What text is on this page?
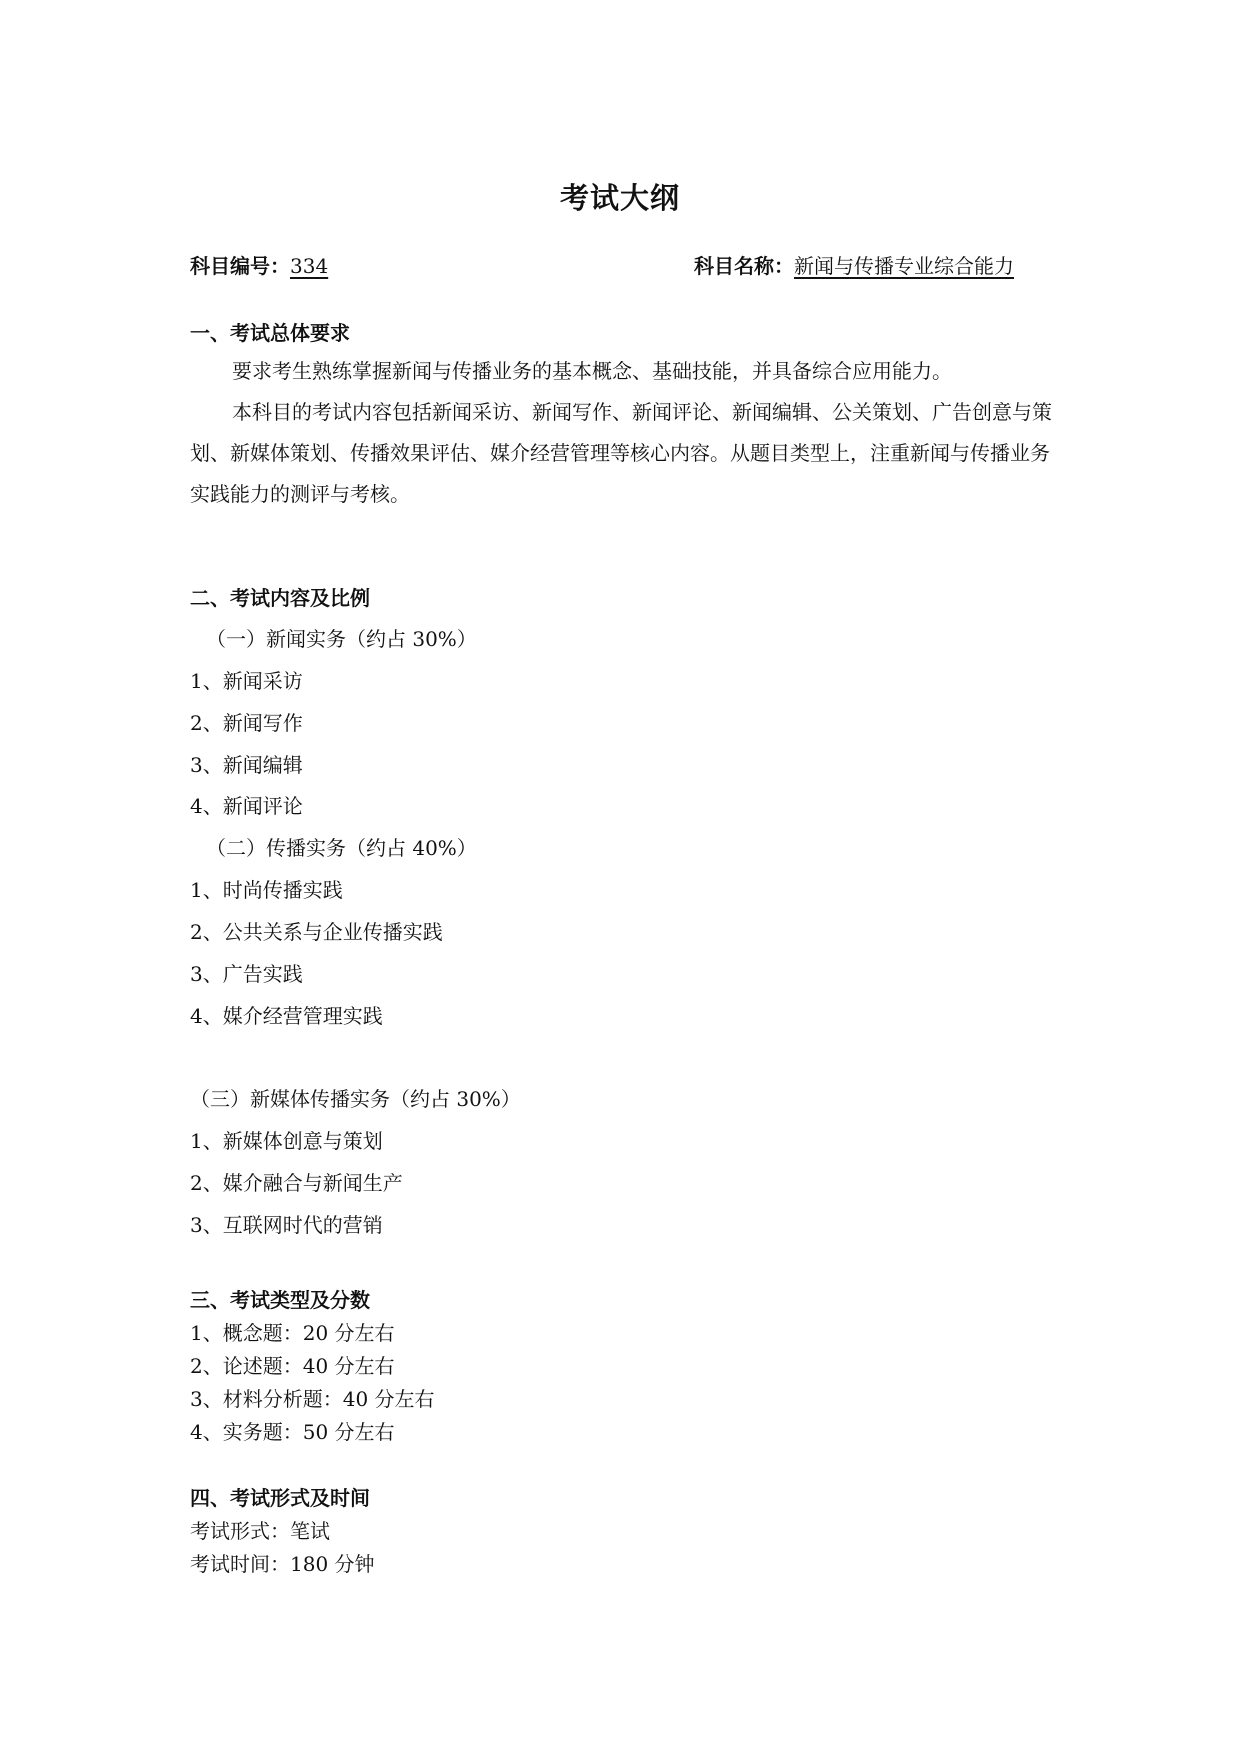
考试大纲
科目编号：334	科目名称：新闻与传播专业综合能力
一、考试总体要求
要求考生熟练掌握新闻与传播业务的基本概念、基础技能，并具备综合应用能力。
本科目的考试内容包括新闻采访、新闻写作、新闻评论、新闻编辑、公关策划、广告创意与策划、新媒体策划、传播效果评估、媒介经营管理等核心内容。从题目类型上，注重新闻与传播业务实践能力的测评与考核。
二、考试内容及比例
（一）新闻实务（约占 30%）
1、新闻采访
2、新闻写作
3、新闻编辑
4、新闻评论
（二）传播实务（约占 40%）
1、时尚传播实践
2、公共关系与企业传播实践
3、广告实践
4、媒介经营管理实践
（三）新媒体传播实务（约占 30%）
1、新媒体创意与策划
2、媒介融合与新闻生产
3、互联网时代的营销
三、考试类型及分数
1、概念题：20 分左右
2、论述题：40 分左右
3、材料分析题：40 分左右
4、实务题：50 分左右
四、考试形式及时间
考试形式：笔试
考试时间：180 分钟
